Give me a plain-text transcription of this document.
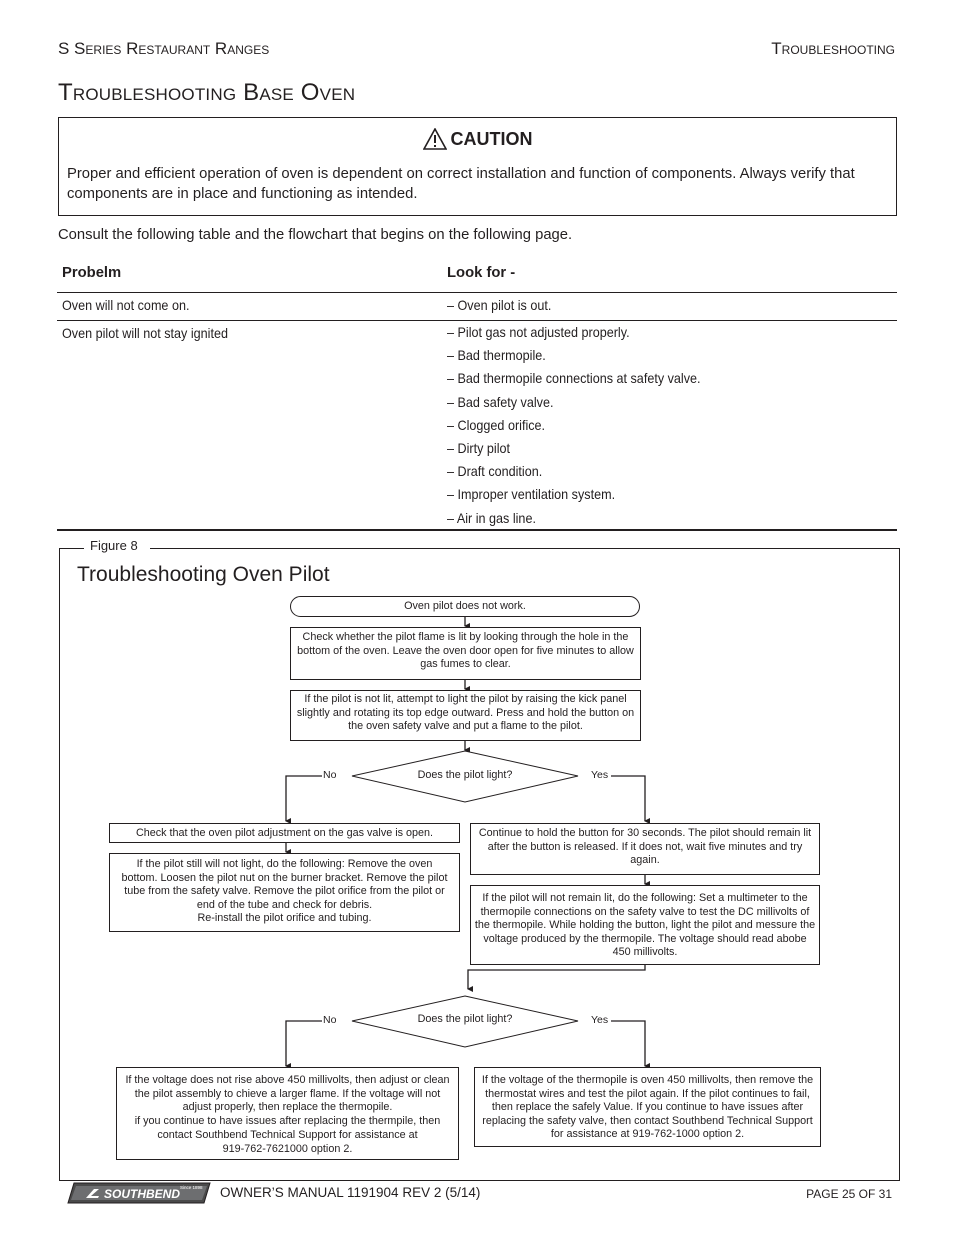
S Series Restaurant Ranges	Troubleshooting
Troubleshooting Base Oven
CAUTION
Proper and efficient operation of oven is dependent on correct installation and function of components. Always verify that components are in place and functioning as intended.
Consult the following table and the flowchart that begins on the following page.
Probelm	Look for -
Oven will not come on.	– Oven pilot is out.
Oven pilot will not stay ignited	– Pilot gas not adjusted properly.
– Bad thermopile.
– Bad thermopile connections at safety valve.
– Bad safety valve.
– Clogged orifice.
– Dirty pilot
– Draft condition.
– Improper ventilation system.
– Air in gas line.
Figure 8
Troubleshooting Oven Pilot
Oven pilot does not work.
Check whether the pilot flame is lit by looking through the hole in the bottom of the oven. Leave the oven door open for five minutes to allow gas fumes to clear.
If the pilot is not lit, attempt to light the pilot by raising the kick panel slightly and rotating its top edge outward. Press and hold the button on the oven safety valve and put a flame to the pilot.
Does the pilot light?
No	Yes
Check that the oven pilot adjustment on the gas valve is open.
If the pilot still will not light, do the following: Remove the oven bottom. Loosen the pilot nut on the burner bracket. Remove the pilot tube from the safety valve. Remove the pilot orifice from the pilot or end of the tube and check for debris.
Re-install the pilot orifice and tubing.
Continue to hold the button for 30 seconds. The pilot should remain lit after the button is released. If it does not, wait five minutes and try again.
If the pilot will not remain lit, do the following: Set a multimeter to the thermopile connections on the safety valve to test the DC millivolts of the thermopile. While holding the button, light the pilot and messure the voltage produced by the thermopile. The voltage should read abobe 450 millivolts.
Does the pilot light?
No	Yes
If the voltage does not rise above 450 millivolts, then adjust or clean the pilot assembly to chieve a larger flame. If the voltage will not adjust properly, then replace the thermopile.
if you continue to have issues after replacing the thermpile, then contact Southbend Technical Support for assistance at
919-762-7621000 option 2.
If the voltage of the thermopile is oven 450 millivolts, then remove the thermostat wires and test the pilot again. If the pilot continues to fail, then replace the safely Value. If you continue to have issues after replacing the safety valve, then contact Southbend Technical Support for assistance at 919-762-1000 option 2.
SOUTHBEND Since 1898 OWNER’S MANUAL 1191904 REV 2 (5/14)	PAGE 25 OF 31
